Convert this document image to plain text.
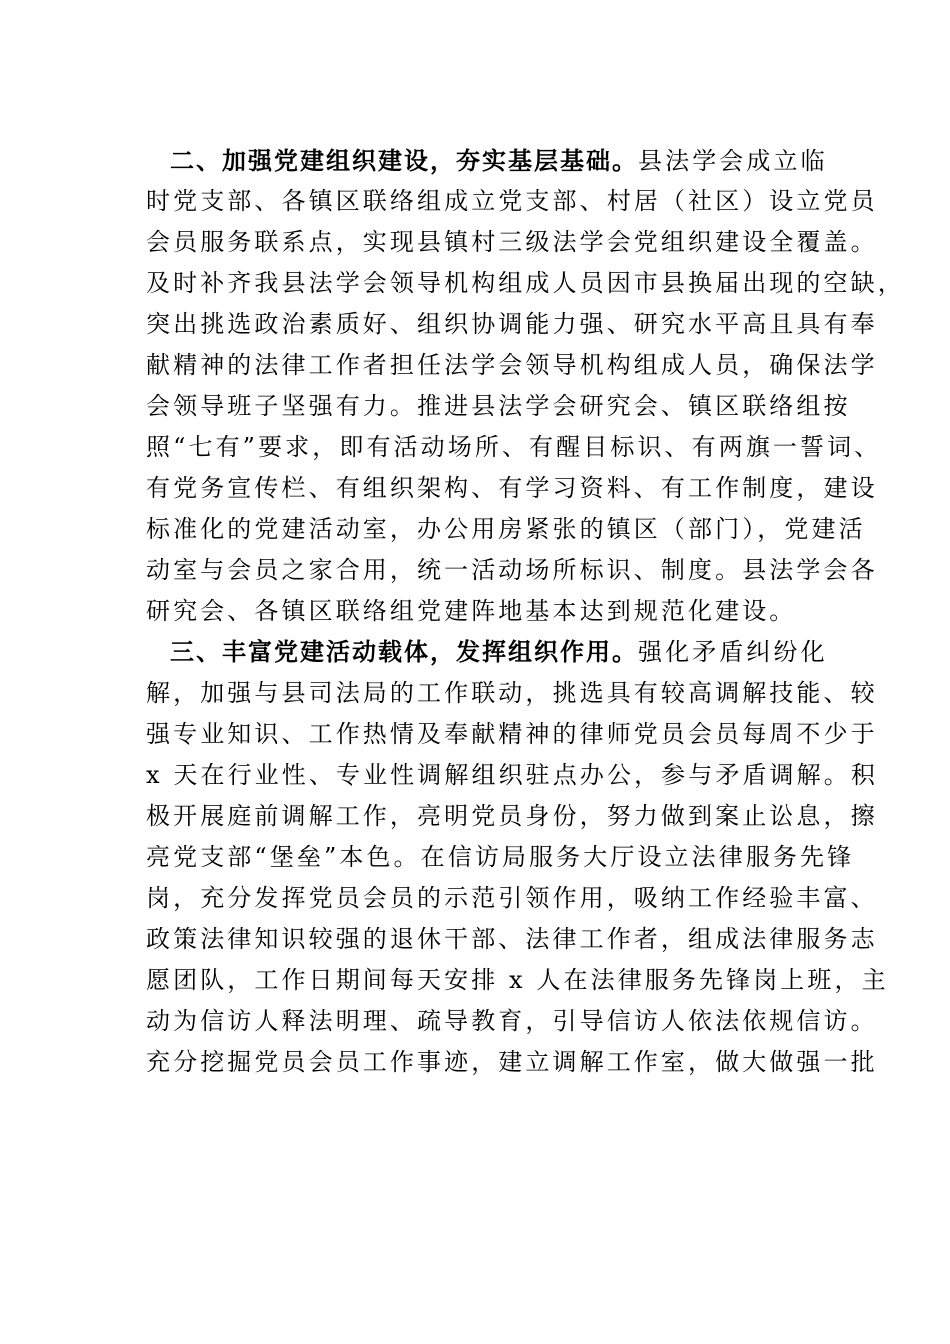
二、加强党建组织建设，夯实基层基础。县法学会成立临
时党支部、各镇区联络组成立党支部、村居（社区）设立党员
会员服务联系点，实现县镇村三级法学会党组织建设全覆盖。
及时补齐我县法学会领导机构组成人员因市县换届出现的空缺，
突出挑选政治素质好、组织协调能力强、研究水平高且具有奉
献精神的法律工作者担任法学会领导机构组成人员，确保法学
会领导班子坚强有力。推进县法学会研究会、镇区联络组按
照“七有”要求，即有活动场所、有醒目标识、有两旗一誓词、
有党务宣传栏、有组织架构、有学习资料、有工作制度，建设
标准化的党建活动室，办公用房紧张的镇区（部门），党建活
动室与会员之家合用，统一活动场所标识、制度。县法学会各
研究会、各镇区联络组党建阵地基本达到规范化建设。
三、丰富党建活动载体，发挥组织作用。强化矛盾纠纷化
解，加强与县司法局的工作联动，挑选具有较高调解技能、较
强专业知识、工作热情及奉献精神的律师党员会员每周不少于
x 天在行业性、专业性调解组织驻点办公，参与矛盾调解。积
极开展庭前调解工作，亮明党员身份，努力做到案止讼息，擦
亮党支部“堡垒”本色。在信访局服务大厅设立法律服务先锋
岗，充分发挥党员会员的示范引领作用，吸纳工作经验丰富、
政策法律知识较强的退休干部、法律工作者，组成法律服务志
愿团队，工作日期间每天安排 x 人在法律服务先锋岗上班，主
动为信访人释法明理、疏导教育，引导信访人依法依规信访。
充分挖掘党员会员工作事迹，建立调解工作室，做大做强一批
